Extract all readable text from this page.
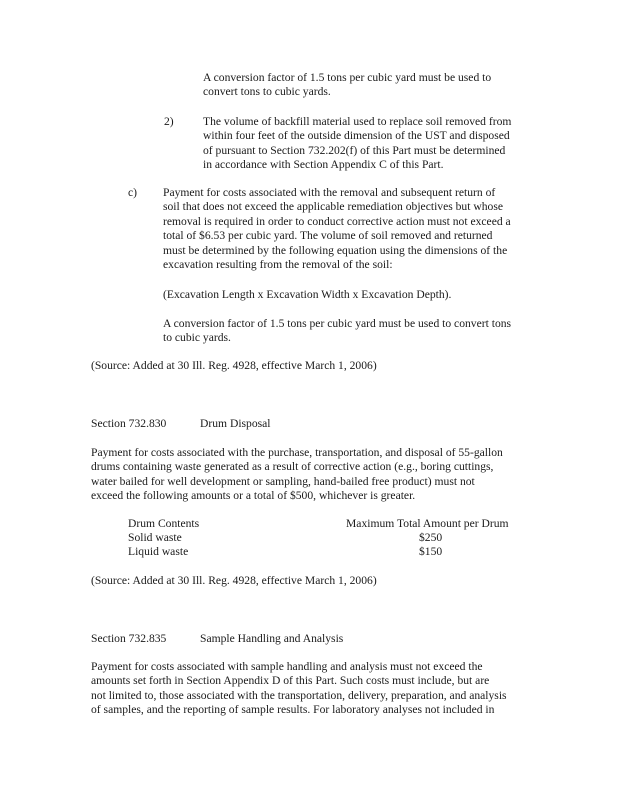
A conversion factor of 1.5 tons per cubic yard must be used to
convert tons to cubic yards.
2)	The volume of backfill material used to replace soil removed from
within four feet of the outside dimension of the UST and disposed
of pursuant to Section 732.202(f) of this Part must be determined
in accordance with Section Appendix C of this Part.
c) Payment for costs associated with the removal and subsequent return of
soil that does not exceed the applicable remediation objectives but whose
removal is required in order to conduct corrective action must not exceed a
total of $6.53 per cubic yard. The volume of soil removed and returned
must be determined by the following equation using the dimensions of the
excavation resulting from the removal of the soil:
(Excavation Length x Excavation Width x Excavation Depth).
A conversion factor of 1.5 tons per cubic yard must be used to convert tons
to cubic yards.
(Source: Added at 30 Ill. Reg. 4928, effective March 1, 2006)
Section 732.830	Drum Disposal
Payment for costs associated with the purchase, transportation, and disposal of 55-gallon
drums containing waste generated as a result of corrective action (e.g., boring cuttings,
water bailed for well development or sampling, hand-bailed free product) must not
exceed the following amounts or a total of $500, whichever is greater.
Drum Contents	Maximum Total Amount per Drum
Solid waste	$250
Liquid waste	$150
(Source: Added at 30 Ill. Reg. 4928, effective March 1, 2006)
Section 732.835	Sample Handling and Analysis
Payment for costs associated with sample handling and analysis must not exceed the
amounts set forth in Section Appendix D of this Part. Such costs must include, but are
not limited to, those associated with the transportation, delivery, preparation, and analysis
of samples, and the reporting of sample results. For laboratory analyses not included in
